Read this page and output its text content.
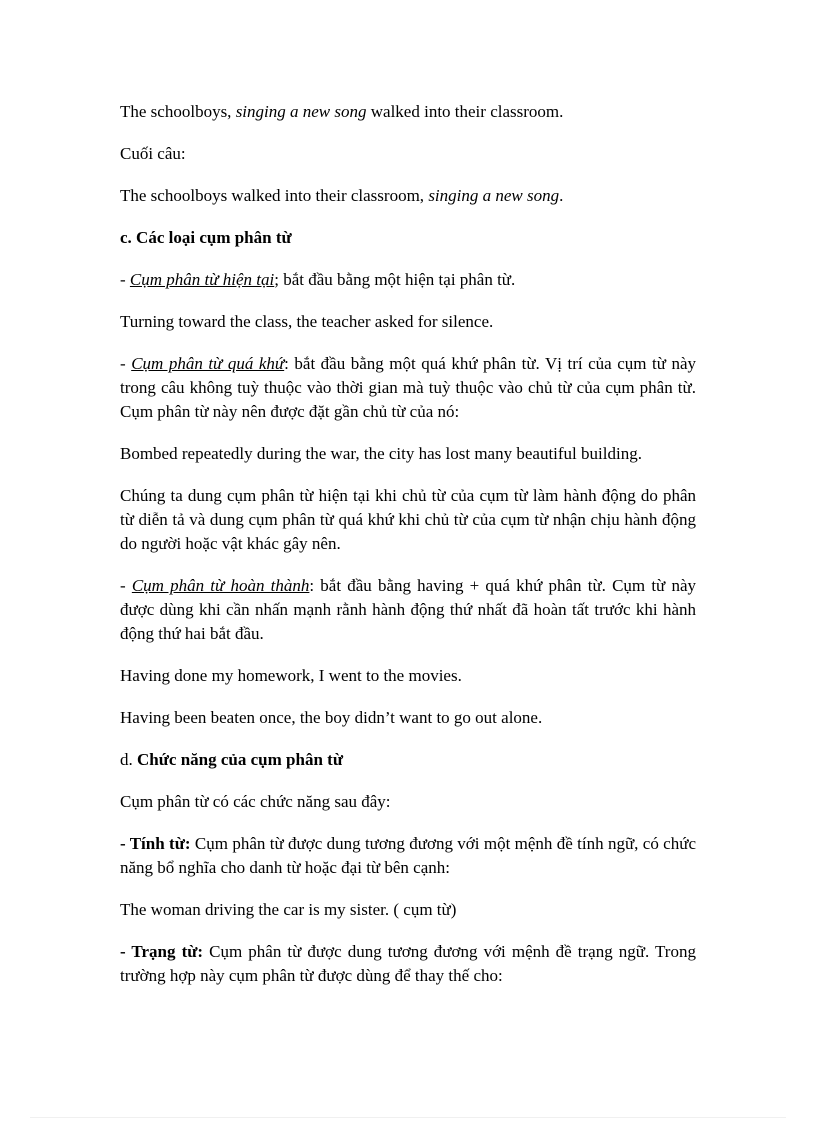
The schoolboys, singing a new song walked into their classroom.

Cuối câu:

The schoolboys walked into their classroom, singing a new song.

c. Các loại cụm phân từ

- Cụm phân từ hiện tại; bắt đầu bằng một hiện tại phân từ.

Turning toward the class, the teacher asked for silence.

- Cụm phân từ quá khứ: bắt đầu bằng một quá khứ phân từ. Vị trí của cụm từ này trong câu không tuỳ thuộc vào thời gian mà tuỳ thuộc vào chủ từ của cụm phân từ. Cụm phân từ này nên được đặt gần chủ từ của nó:

Bombed repeatedly during the war, the city has lost many beautiful building.

Chúng ta dung cụm phân từ hiện tại khi chủ từ của cụm từ làm hành động do phân từ diễn tả và dung cụm phân từ quá khứ khi chủ từ của cụm từ nhận chịu hành động do người hoặc vật khác gây nên.

- Cụm phân từ hoàn thành: bắt đầu bằng having + quá khứ phân từ. Cụm từ này được dùng khi cần nhấn mạnh rằnh hành động thứ nhất đã hoàn tất trước khi hành động thứ hai bắt đầu.

Having done my homework, I went to the movies.

Having been beaten once, the boy didn’t want to go out alone.

d. Chức năng của cụm phân từ

Cụm phân từ có các chức năng sau đây:

- Tính từ: Cụm phân từ được dung tương đương với một mệnh đề tính ngữ, có chức năng bổ nghĩa cho danh từ hoặc đại từ bên cạnh:

The woman driving the car is my sister. ( cụm từ)

- Trạng từ: Cụm phân từ được dung tương đương với mệnh đề trạng ngữ. Trong trường hợp này cụm phân từ được dùng để thay thế cho:
